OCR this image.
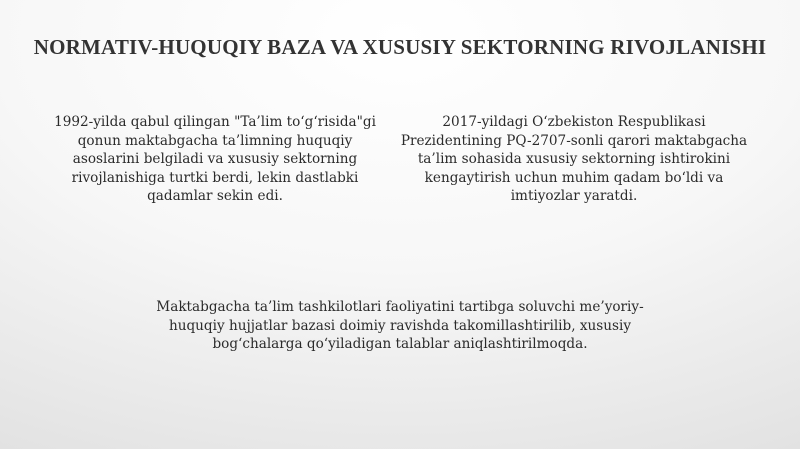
NORMATIV-HUQUQIY BAZA VA XUSUSIY SEKTORNING RIVOJLANISHI
1992-yilda qabul qilingan "Ta’lim to‘g‘risida"gi qonun maktabgacha ta’limning huquqiy asoslarini belgiladi va xususiy sektorning rivojlanishiga turtki berdi, lekin dastlabki qadamlar sekin edi.
2017-yildagi O‘zbekiston Respublikasi Prezidentining PQ-2707-sonli qarori maktabgacha ta’lim sohasida xususiy sektorning ishtirokini kengaytirish uchun muhim qadam bo‘ldi va imtiyozlar yaratdi.
Maktabgacha ta’lim tashkilotlari faoliyatini tartibga soluvchi me’yoriy-huquqiy hujjatlar bazasi doimiy ravishda takomillashtirilib, xususiy bog‘chalarga qo‘yiladigan talablar aniqlashtirilmoqda.
